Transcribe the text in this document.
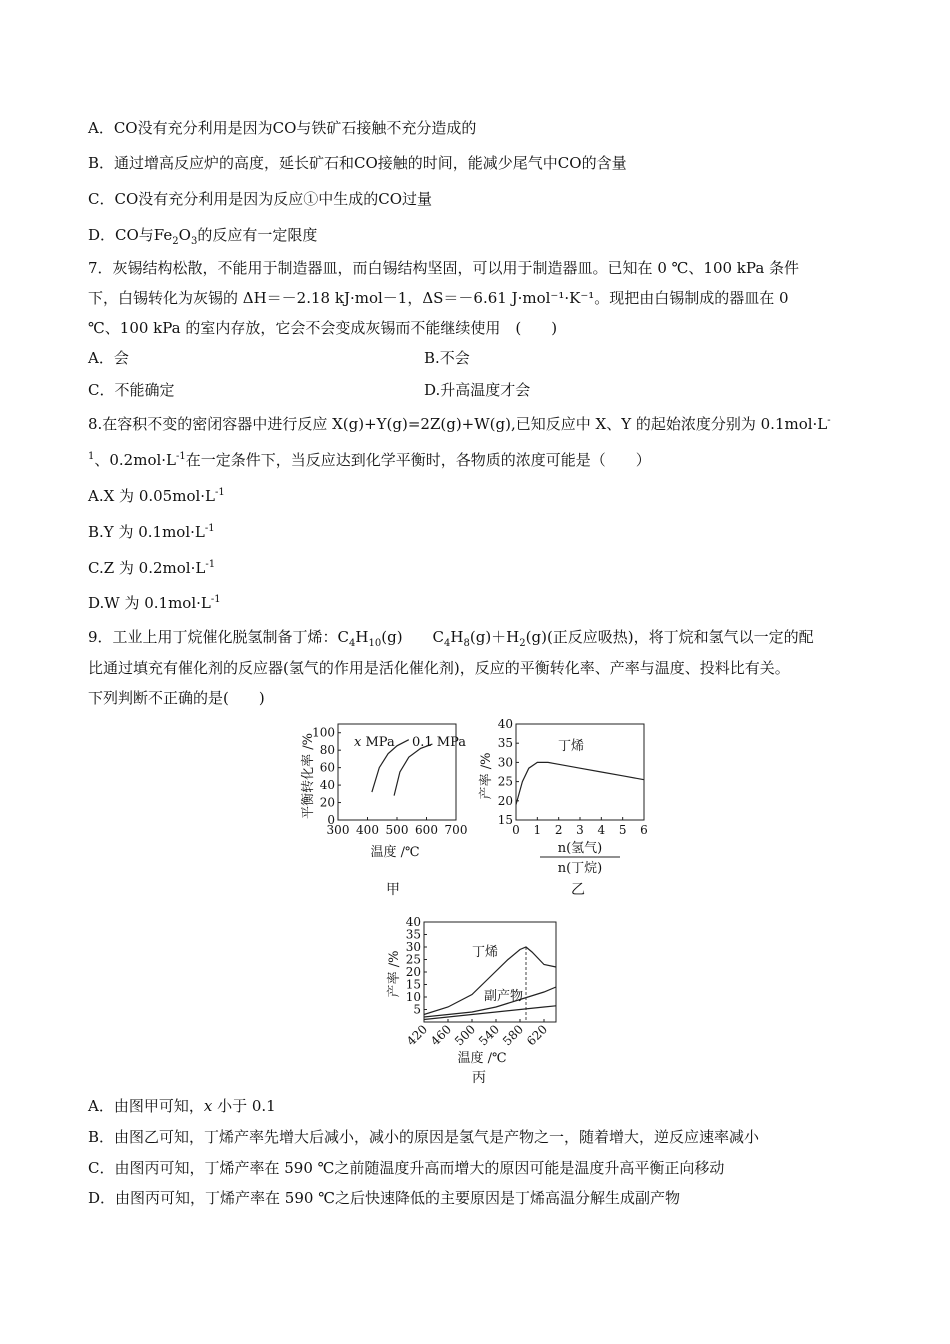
A．CO没有充分利用是因为CO与铁矿石接触不充分造成的
B．通过增高反应炉的高度，延长矿石和CO接触的时间，能减少尾气中CO的含量
C．CO没有充分利用是因为反应①中生成的CO过量
D．CO与$Fe_2O_3$的反应有一定限度
7．灰锡结构松散，不能用于制造器皿，而白锡结构坚固，可以用于制造器皿。已知在 0 ℃、100 kPa 条件
下，白锡转化为灰锡的 ΔH＝－2.18 kJ·mol－1，ΔS＝－6.61 J·mol⁻¹·K⁻¹。现把由白锡制成的器皿在 0
℃、100 kPa 的室内存放，它会不会变成灰锡而不能继续使用　(　　)
A．会	B.不会
C．不能确定	D.升高温度才会
8.在容积不变的密闭容器中进行反应 X(g)+Y(g)=2Z(g)+W(g),已知反应中 X、Y 的起始浓度分别为 0.1mol·L-
$^1$、$0.2mol\cdot L^{-1}$在一定条件下，当反应达到化学平衡时，各物质的浓度可能是（　　）
A.X 为 $0.05mol\cdot L^{-1}$
B.Y 为 $0.1mol\cdot L^{-1}$
C.Z 为 $0.2mol\cdot L^{-1}$
D.W 为 $0.1mol\cdot L^{-1}$
9．工业上用丁烷催化脱氢制备丁烯：$C_4H_{10}(g)$　　$C_4H_8(g)+H_2(g)$(正反应吸热)，将丁烷和氢气以一定的配
比通过填充有催化剂的反应器(氢气的作用是活化催化剂)，反应的平衡转化率、产率与温度、投料比有关。
下列判断不正确的是(　　)
平衡转化率 /%
0
20
40
60
80
100
300 400 500 600 700
x MPa 0.1 MPa
温度 /℃
甲
产率 /%
15
20
25
30
35
40
0 1 2 3 4 5 6
丁烯
n(氢气)
n(丁烷)
乙
产率 /%
5
10
15
20
25
30
35
40
420
460
500
540
580
620
丁烯
副产物
温度 /℃
丙
A．由图甲可知，x 小于 0.1
B．由图乙可知，丁烯产率先增大后减小，减小的原因是氢气是产物之一，随着增大，逆反应速率减小
C．由图丙可知，丁烯产率在 590 ℃之前随温度升高而增大的原因可能是温度升高平衡正向移动
D．由图丙可知，丁烯产率在 590 ℃之后快速降低的主要原因是丁烯高温分解生成副产物
